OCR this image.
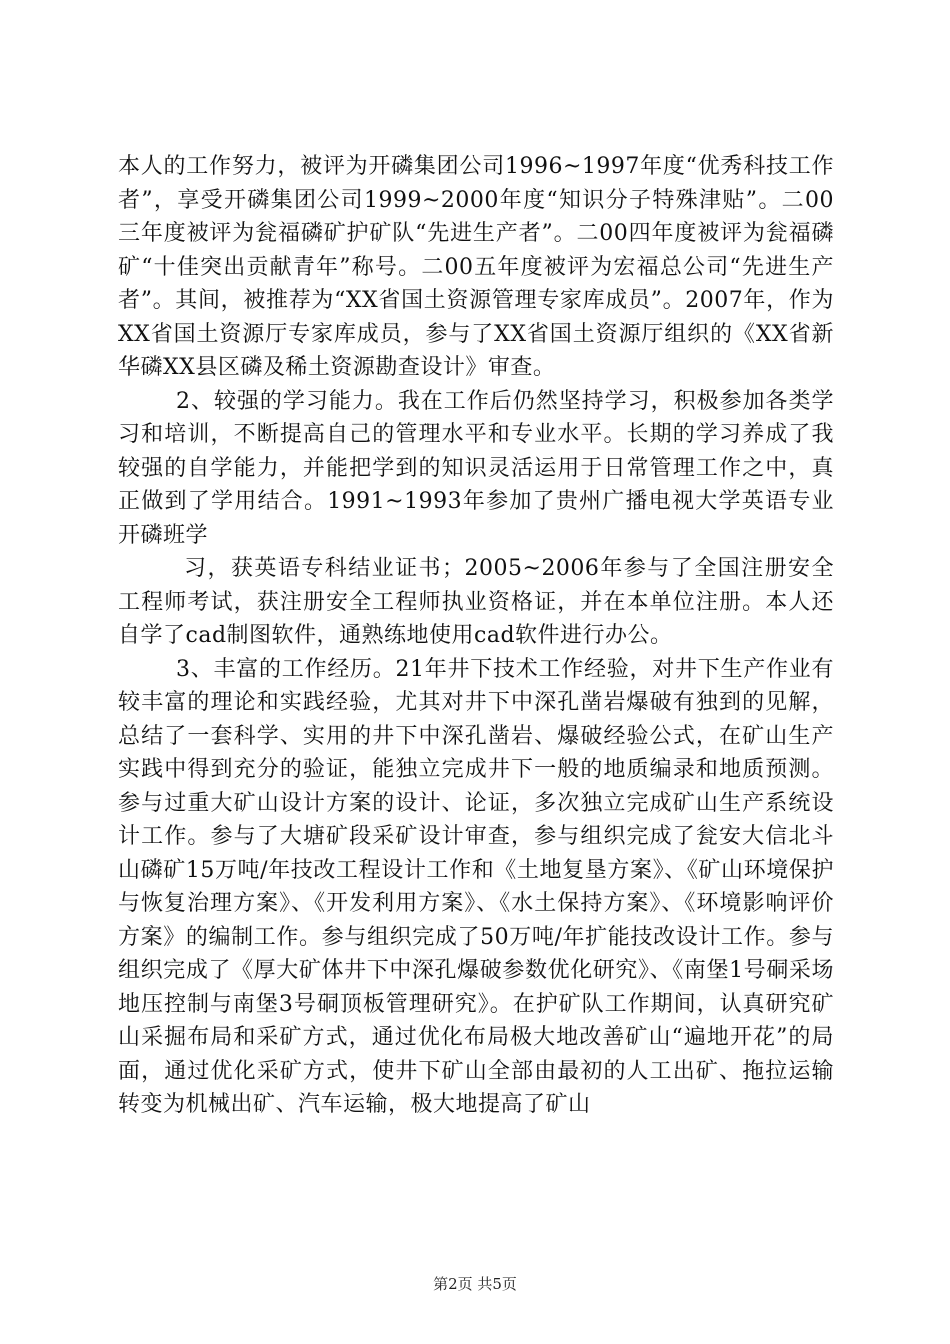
本人的工作努力，被评为开磷集团公司1996~1997年度“优秀科技工作者”，享受开磷集团公司1999~2000年度“知识分子特殊津贴”。二00三年度被评为瓮福磷矿护矿队“先进生产者”。二00四年度被评为瓮福磷矿“十佳突出贡献青年”称号。二00五年度被评为宏福总公司“先进生产者”。其间，被推荐为“XX省国土资源管理专家库成员”。2007年，作为XX省国土资源厅专家库成员，参与了XX省国土资源厅组织的《XX省新华磷XX县区磷及稀土资源勘查设计》审查。

2、较强的学习能力。我在工作后仍然坚持学习，积极参加各类学习和培训，不断提高自己的管理水平和专业水平。长期的学习养成了我较强的自学能力，并能把学到的知识灵活运用于日常管理工作之中，真正做到了学用结合。1991~1993年参加了贵州广播电视大学英语专业开磷班学

习，获英语专科结业证书；2005~2006年参与了全国注册安全工程师考试，获注册安全工程师执业资格证，并在本单位注册。本人还自学了cad制图软件，通熟练地使用cad软件进行办公。

3、丰富的工作经历。21年井下技术工作经验，对井下生产作业有较丰富的理论和实践经验，尤其对井下中深孔凿岩爆破有独到的见解，总结了一套科学、实用的井下中深孔凿岩、爆破经验公式，在矿山生产实践中得到充分的验证，能独立完成井下一般的地质编录和地质预测。参与过重大矿山设计方案的设计、论证，多次独立完成矿山生产系统设计工作。参与了大塘矿段采矿设计审查，参与组织完成了瓮安大信北斗山磷矿15万吨/年技改工程设计工作和《土地复垦方案》、《矿山环境保护与恢复治理方案》、《开发利用方案》、《水土保持方案》、《环境影响评价方案》的编制工作。参与组织完成了50万吨/年扩能技改设计工作。参与组织完成了《厚大矿体井下中深孔爆破参数优化研究》、《南堡1号硐采场地压控制与南堡3号硐顶板管理研究》。在护矿队工作期间，认真研究矿山采掘布局和采矿方式，通过优化布局极大地改善矿山“遍地开花”的局面，通过优化采矿方式，使井下矿山全部由最初的人工出矿、拖拉运输转变为机械出矿、汽车运输，极大地提高了矿山

第2页 共5页
